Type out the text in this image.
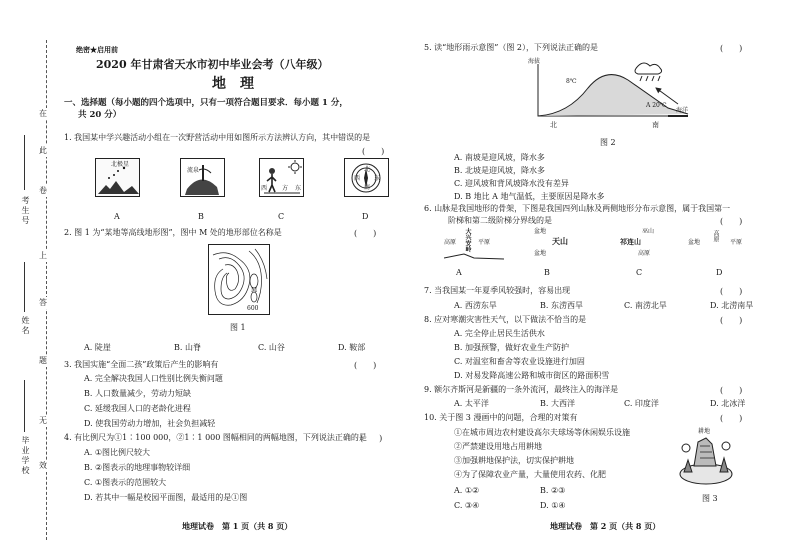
在
此
卷
上
答
题
无
效
考生号
姓名
毕业学校
绝密★启用前
2020 年甘肃省天水市初中毕业会考（八年级）
地　理
一、选择题（每小题的四个选项中，只有一项符合题目要求．每小题 1 分，
共 20 分）
1. 我国某中学兴趣活动小组在一次野营活动中用如图所示方法辨认方向，其中错误的是
(　　)
北极星
流泉
西 方 东
北
南
西 东
A	B	C	D
2. 图 1 为“某地等高线地形图”，图中 M 处的地形部位名称是	(　　)
M
600
图 1
A. 陡崖	B. 山脊	C. 山谷	D. 鞍部
3. 我国实施“全面二孩”政策后产生的影响有	(　　)
A. 完全解决我国人口性别比例失衡问题
B. 人口数量减少，劳动力短缺
C. 延缓我国人口的老龄化进程
D. 使我国劳动力增加，社会负担减轻
4. 有比例尺为①1∶100 000，②1∶1 000 图幅相同的两幅地图，下列说法正确的是
(　　)
A. ①图比例尺较大
B. ②图表示的地理事物较详细
C. ①图表示的范围较大
D. 若其中一幅是校园平面图，最适用的是①图
地理试卷　第 1 页（共 8 页）
5. 读“地形雨示意图”（图 2），下列说法正确的是	(　　)
海拔
8℃
A 20℃
海洋
北	南
图 2
A. 南坡是迎风坡，降水多
B. 北坡是迎风坡，降水多
C. 迎风坡和背风坡降水没有差异
D. B 地比 A 地气温低，主要原因是降水多
6. 山脉是我国地形的骨架，下图是我国四列山脉及两侧地形分布示意图，属于我国第一
阶梯和第二级阶梯分界线的是	(　　)
高原 大兴安岭 平原
盆地
天山
盆地
巫山
祁连山
高原
盆地
高原
平原
A	B	C	D
7. 当我国某一年夏季风较强时，容易出现	(　　)
A. 西涝东旱	B. 东涝西旱	C. 南涝北旱	D. 北涝南旱
8. 应对寒潮灾害性天气，以下做法不恰当的是	(　　)
A. 完全停止居民生活供水
B. 加强预警，做好农业生产防护
C. 对温室和畜舍等农业设施进行加固
D. 对易发降高速公路和城市街区的路面积雪
9. 额尔齐斯河是新疆的一条外流河，最终注入的海洋是	(　　)
A. 太平洋	B. 大西洋	C. 印度洋	D. 北冰洋
10. 关于图 3 漫画中的问题，合理的对策有	(　　)
①在城市周边农村建设高尔夫球场等休闲娱乐设施
②严禁建设用地占用耕地
③加强耕地保护法，切实保护耕地
④为了保障农业产量，大量使用农药、化肥
A. ①②	B. ②③
C. ③④	D. ①④
耕地
图 3
地理试卷　第 2 页（共 8 页）
